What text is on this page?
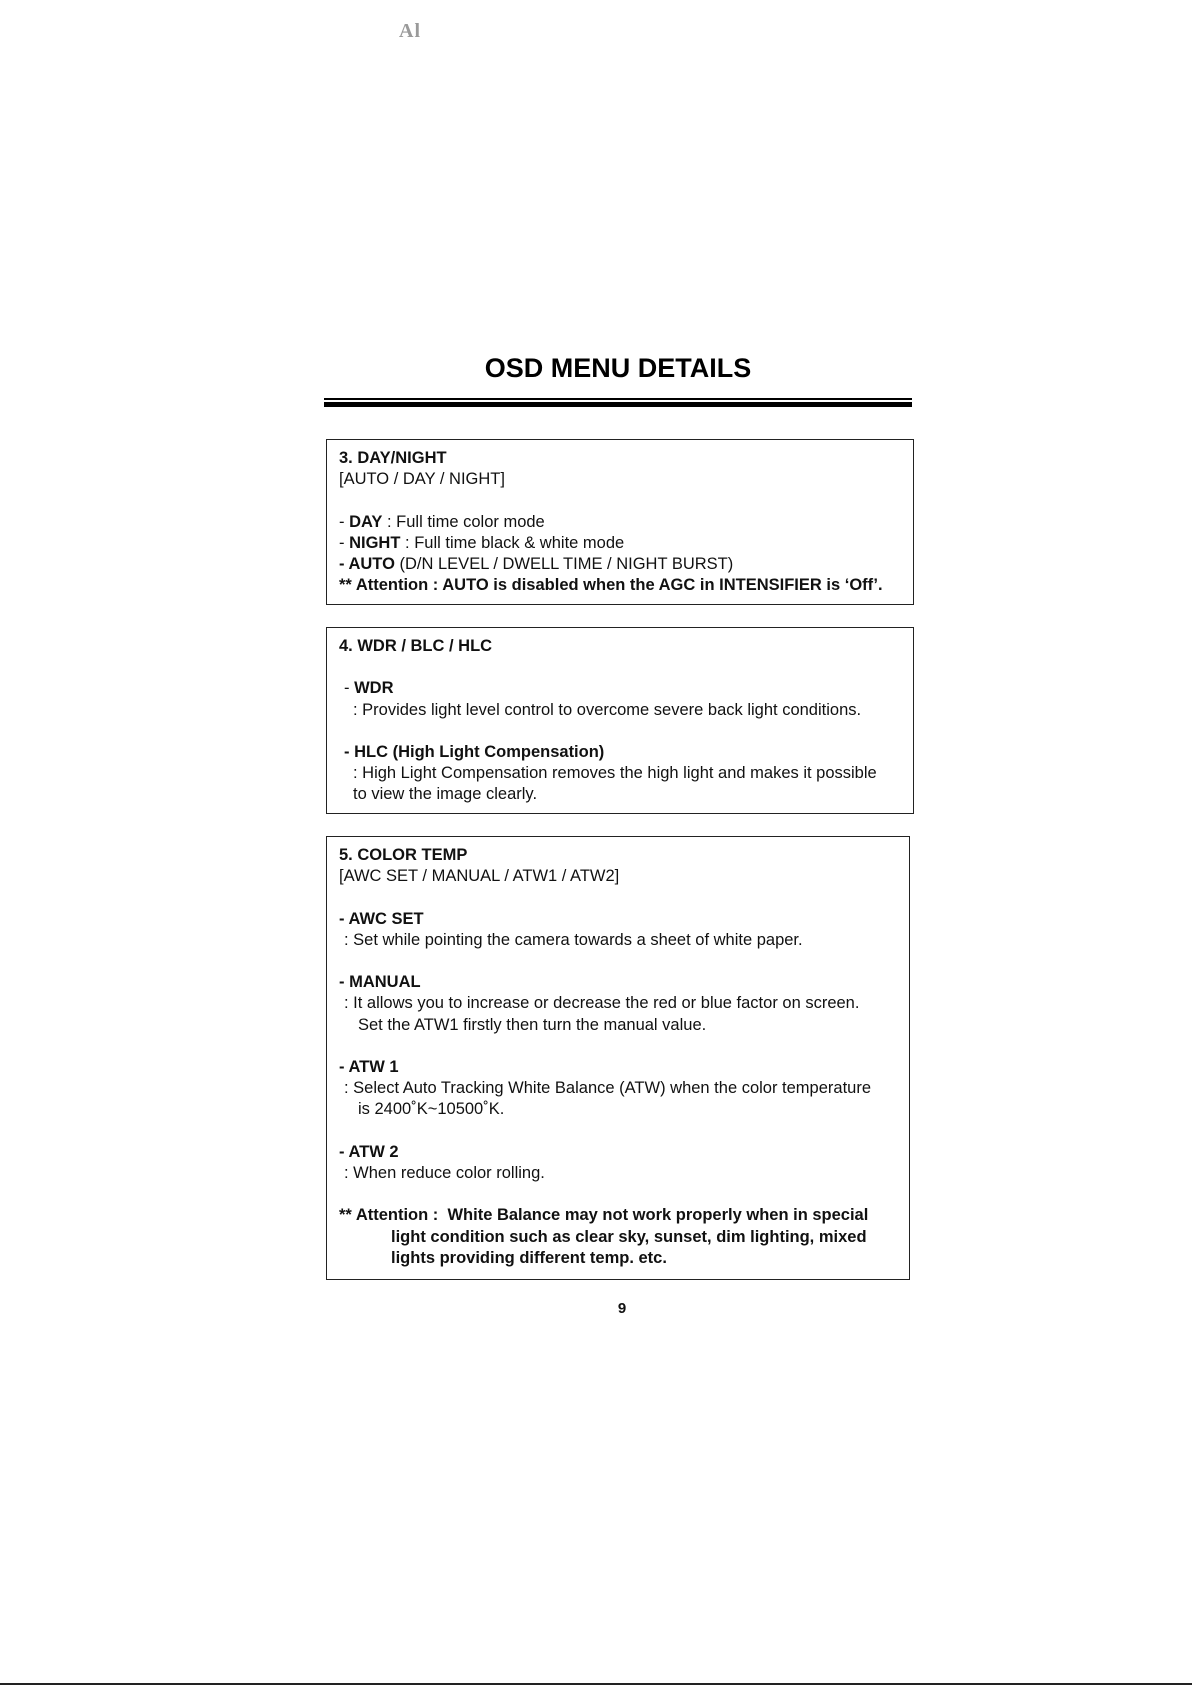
Al
OSD MENU DETAILS
3. DAY/NIGHT
[AUTO / DAY / NIGHT]
- DAY : Full time color mode
- NIGHT : Full time black & white mode
- AUTO (D/N LEVEL / DWELL TIME / NIGHT BURST)
** Attention : AUTO is disabled when the AGC in INTENSIFIER is ‘Off’.
4. WDR / BLC / HLC
- WDR
: Provides light level control to overcome severe back light conditions.
- HLC (High Light Compensation)
: High Light Compensation removes the high light and makes it possible
to view the image clearly.
5. COLOR TEMP
[AWC SET / MANUAL / ATW1 / ATW2]
- AWC SET
: Set while pointing the camera towards a sheet of white paper.
- MANUAL
: It allows you to increase or decrease the red or blue factor on screen.
Set the ATW1 firstly then turn the manual value.
- ATW 1
: Select Auto Tracking White Balance (ATW) when the color temperature
is 2400˚K~10500˚K.
- ATW 2
: When reduce color rolling.
** Attention :  White Balance may not work properly when in special
light condition such as clear sky, sunset, dim lighting, mixed
lights providing different temp. etc.
9
